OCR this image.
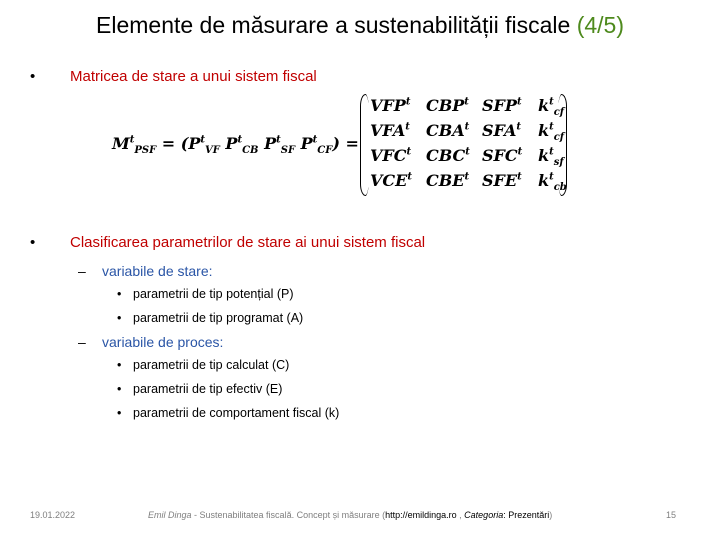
Elemente de măsurare a sustenabilității fiscale (4/5)
• Matricea de stare a unui sistem fiscal
$M^t_{PSF} = (P^t_{VF}$ $P^t_{CB}$ $P^t_{SF}$ $P^t_{CF}$) =
$VFP^t$ CBP$^t$ SFP$^t$ $k^t_{cf}$
VFA$^t$ CBA$^t$ SFA$^t$ $k^t_{cf}$
VFC$^t$ CBC$^t$ SFC$^t$ $k^t_{sf}$
VCE$^t$ CBE$^t$ SFE$^t$ $k^t_{cb}$
• Clasificarea parametrilor de stare ai unui sistem fiscal
– variabile de stare:
• parametrii de tip potențial (P)
• parametrii de tip programat (A)
– variabile de proces:
• parametrii de tip calculat (C)
• parametrii de tip efectiv (E)
• parametrii de comportament fiscal (k)
19.01.2022	Emil Dinga - Sustenabilitatea fiscală. Concept și măsurare (http://emildinga.ro , Categoria: Prezentări)	15
